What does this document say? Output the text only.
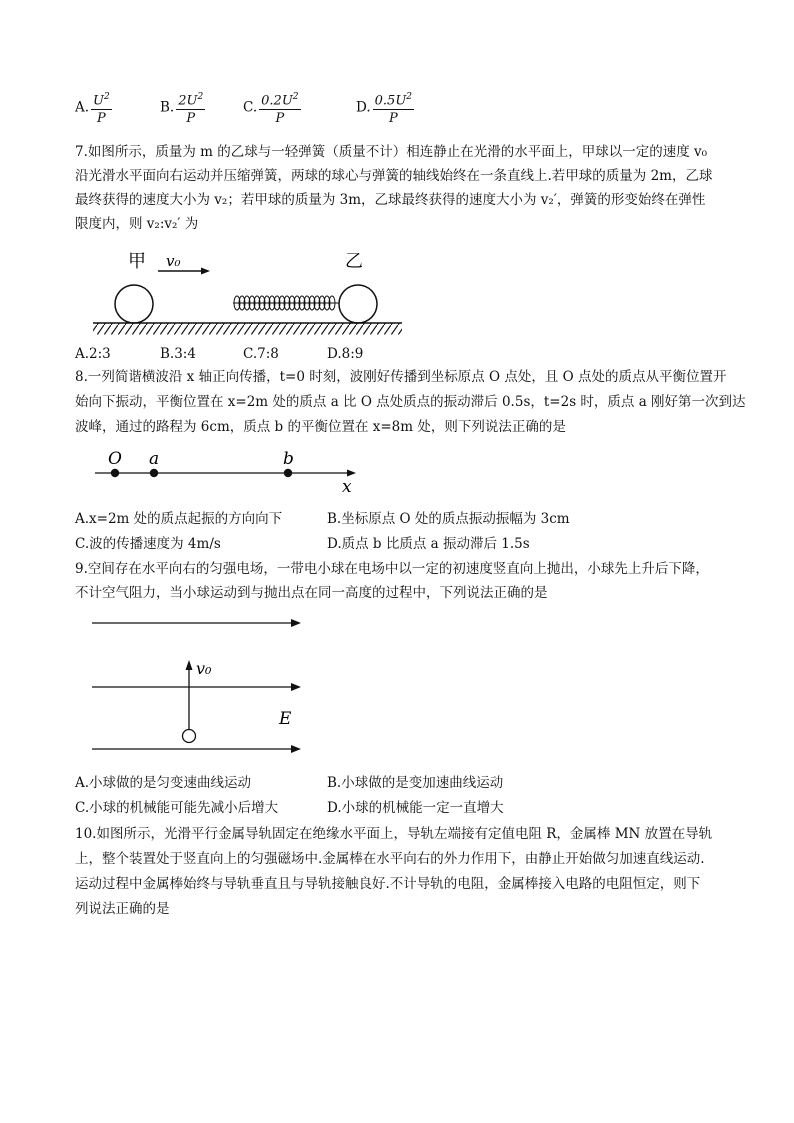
A. $\frac{U^2}{P}$	B. $\frac{2U^2}{P}$	C. $\frac{0.2U^2}{P}$	D. $\frac{0.5U^2}{P}$
7.如图所示，质量为 m 的乙球与一轻弹簧（质量不计）相连静止在光滑的水平面上，甲球以一定的速度 v₀
沿光滑水平面向右运动并压缩弹簧，两球的球心与弹簧的轴线始终在一条直线上.若甲球的质量为 2m，乙球
最终获得的速度大小为 v₂；若甲球的质量为 3m，乙球最终获得的速度大小为 v₂′，弹簧的形变始终在弹性
限度内，则 v₂:v₂′ 为
甲 v₀	乙
A.2:3	B.3:4	C.7:8	D.8:9
8.一列简谐横波沿 x 轴正向传播，t=0 时刻，波刚好传播到坐标原点 O 点处，且 O 点处的质点从平衡位置开
始向下振动，平衡位置在 x=2m 处的质点 a 比 O 点处质点的振动滞后 0.5s，t=2s 时，质点 a 刚好第一次到达
波峰，通过的路程为 6cm，质点 b 的平衡位置在 x=8m 处，则下列说法正确的是
O a	b
x
A.x=2m 处的质点起振的方向向下	B.坐标原点 O 处的质点振动振幅为 3cm
C.波的传播速度为 4m/s	D.质点 b 比质点 a 振动滞后 1.5s
9.空间存在水平向右的匀强电场，一带电小球在电场中以一定的初速度竖直向上抛出，小球先上升后下降，
不计空气阻力，当小球运动到与抛出点在同一高度的过程中，下列说法正确的是
v₀
E
A.小球做的是匀变速曲线运动	B.小球做的是变加速曲线运动
C.小球的机械能可能先减小后增大	D.小球的机械能一定一直增大
10.如图所示，光滑平行金属导轨固定在绝缘水平面上，导轨左端接有定值电阻 R，金属棒 MN 放置在导轨
上，整个装置处于竖直向上的匀强磁场中.金属棒在水平向右的外力作用下，由静止开始做匀加速直线运动.
运动过程中金属棒始终与导轨垂直且与导轨接触良好.不计导轨的电阻，金属棒接入电路的电阻恒定，则下
列说法正确的是
